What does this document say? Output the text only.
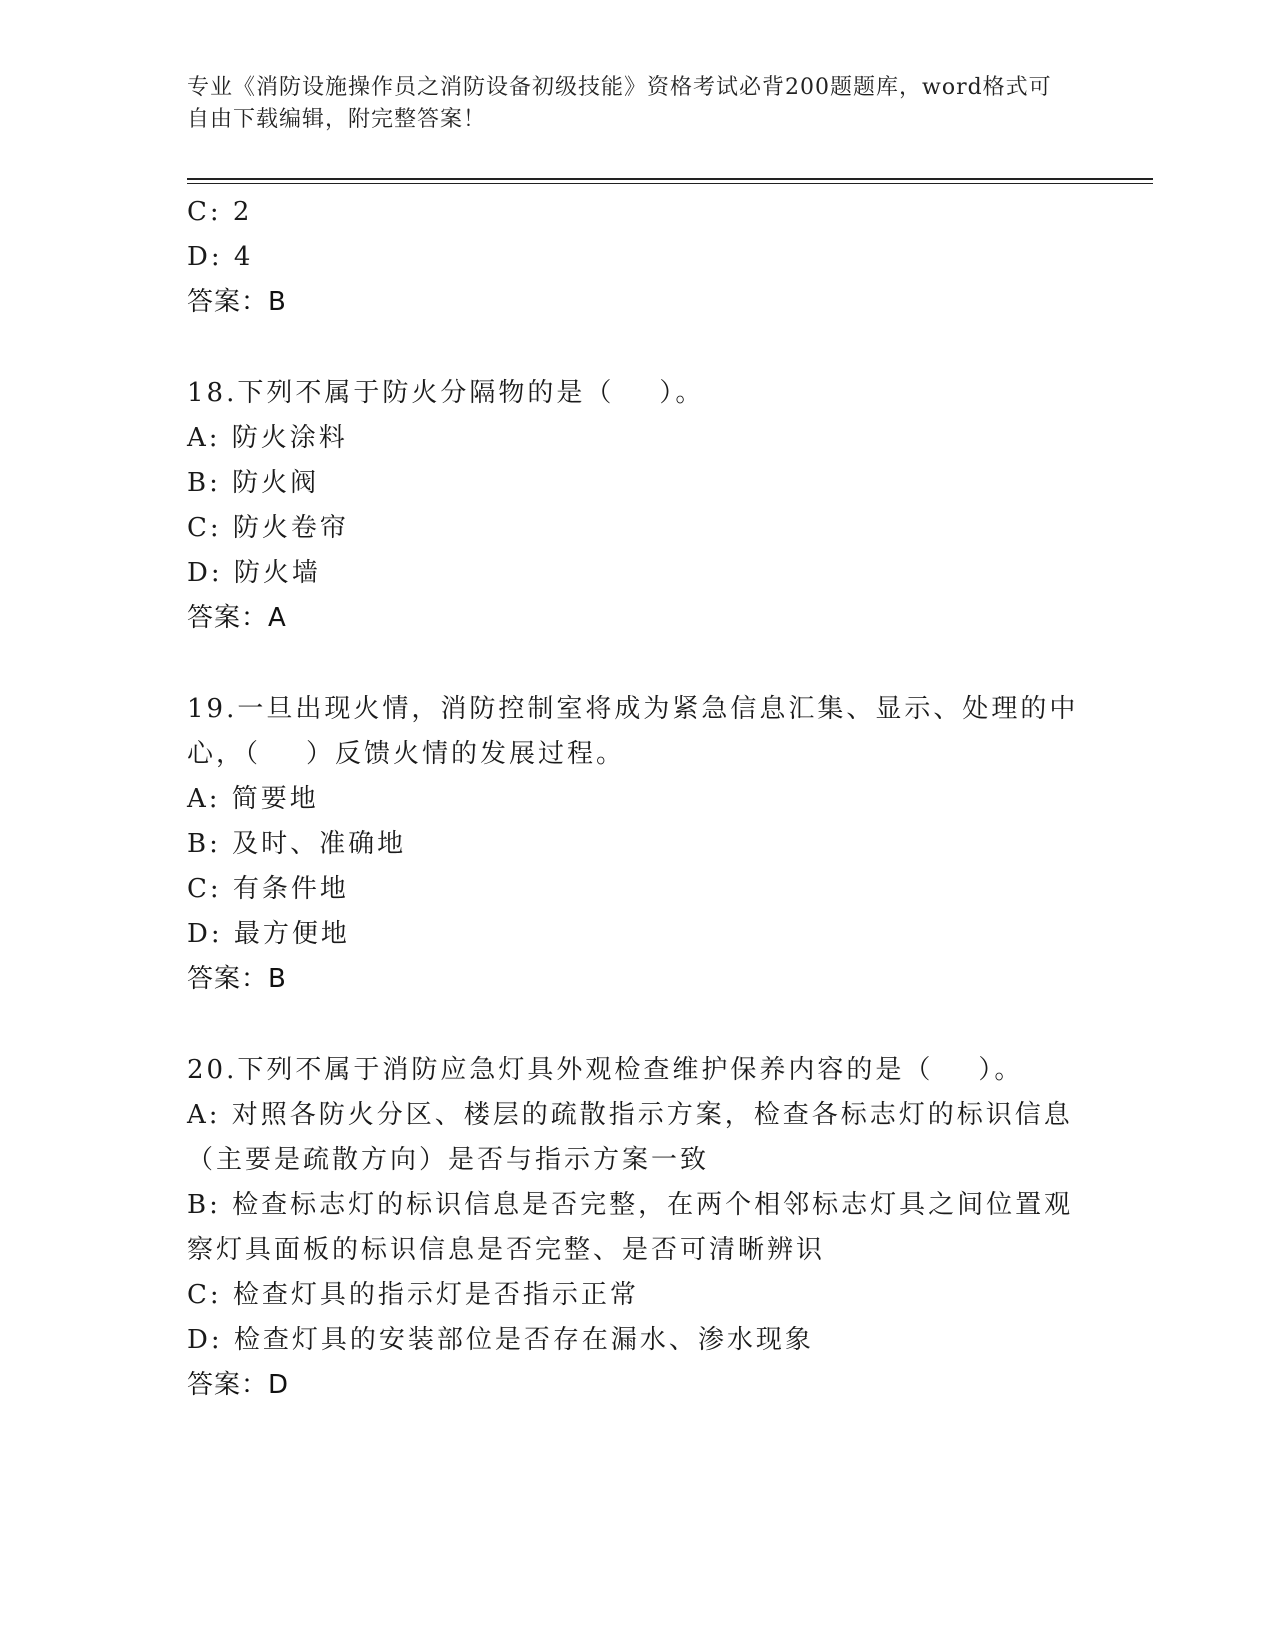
专业《消防设施操作员之消防设备初级技能》资格考试必背200题题库，word格式可自由下载编辑，附完整答案！
C: 2
D: 4
答案：B
18.下列不属于防火分隔物的是（    ）。
A: 防火涂料
B: 防火阀
C: 防火卷帘
D: 防火墙
答案：A
19.一旦出现火情，消防控制室将成为紧急信息汇集、显示、处理的中心，（    ）反馈火情的发展过程。
A: 简要地
B: 及时、准确地
C: 有条件地
D: 最方便地
答案：B
20.下列不属于消防应急灯具外观检查维护保养内容的是（    ）。
A: 对照各防火分区、楼层的疏散指示方案，检查各标志灯的标识信息（主要是疏散方向）是否与指示方案一致
B: 检查标志灯的标识信息是否完整，在两个相邻标志灯具之间位置观察灯具面板的标识信息是否完整、是否可清晰辨识
C: 检查灯具的指示灯是否指示正常
D: 检查灯具的安装部位是否存在漏水、渗水现象
答案：D
